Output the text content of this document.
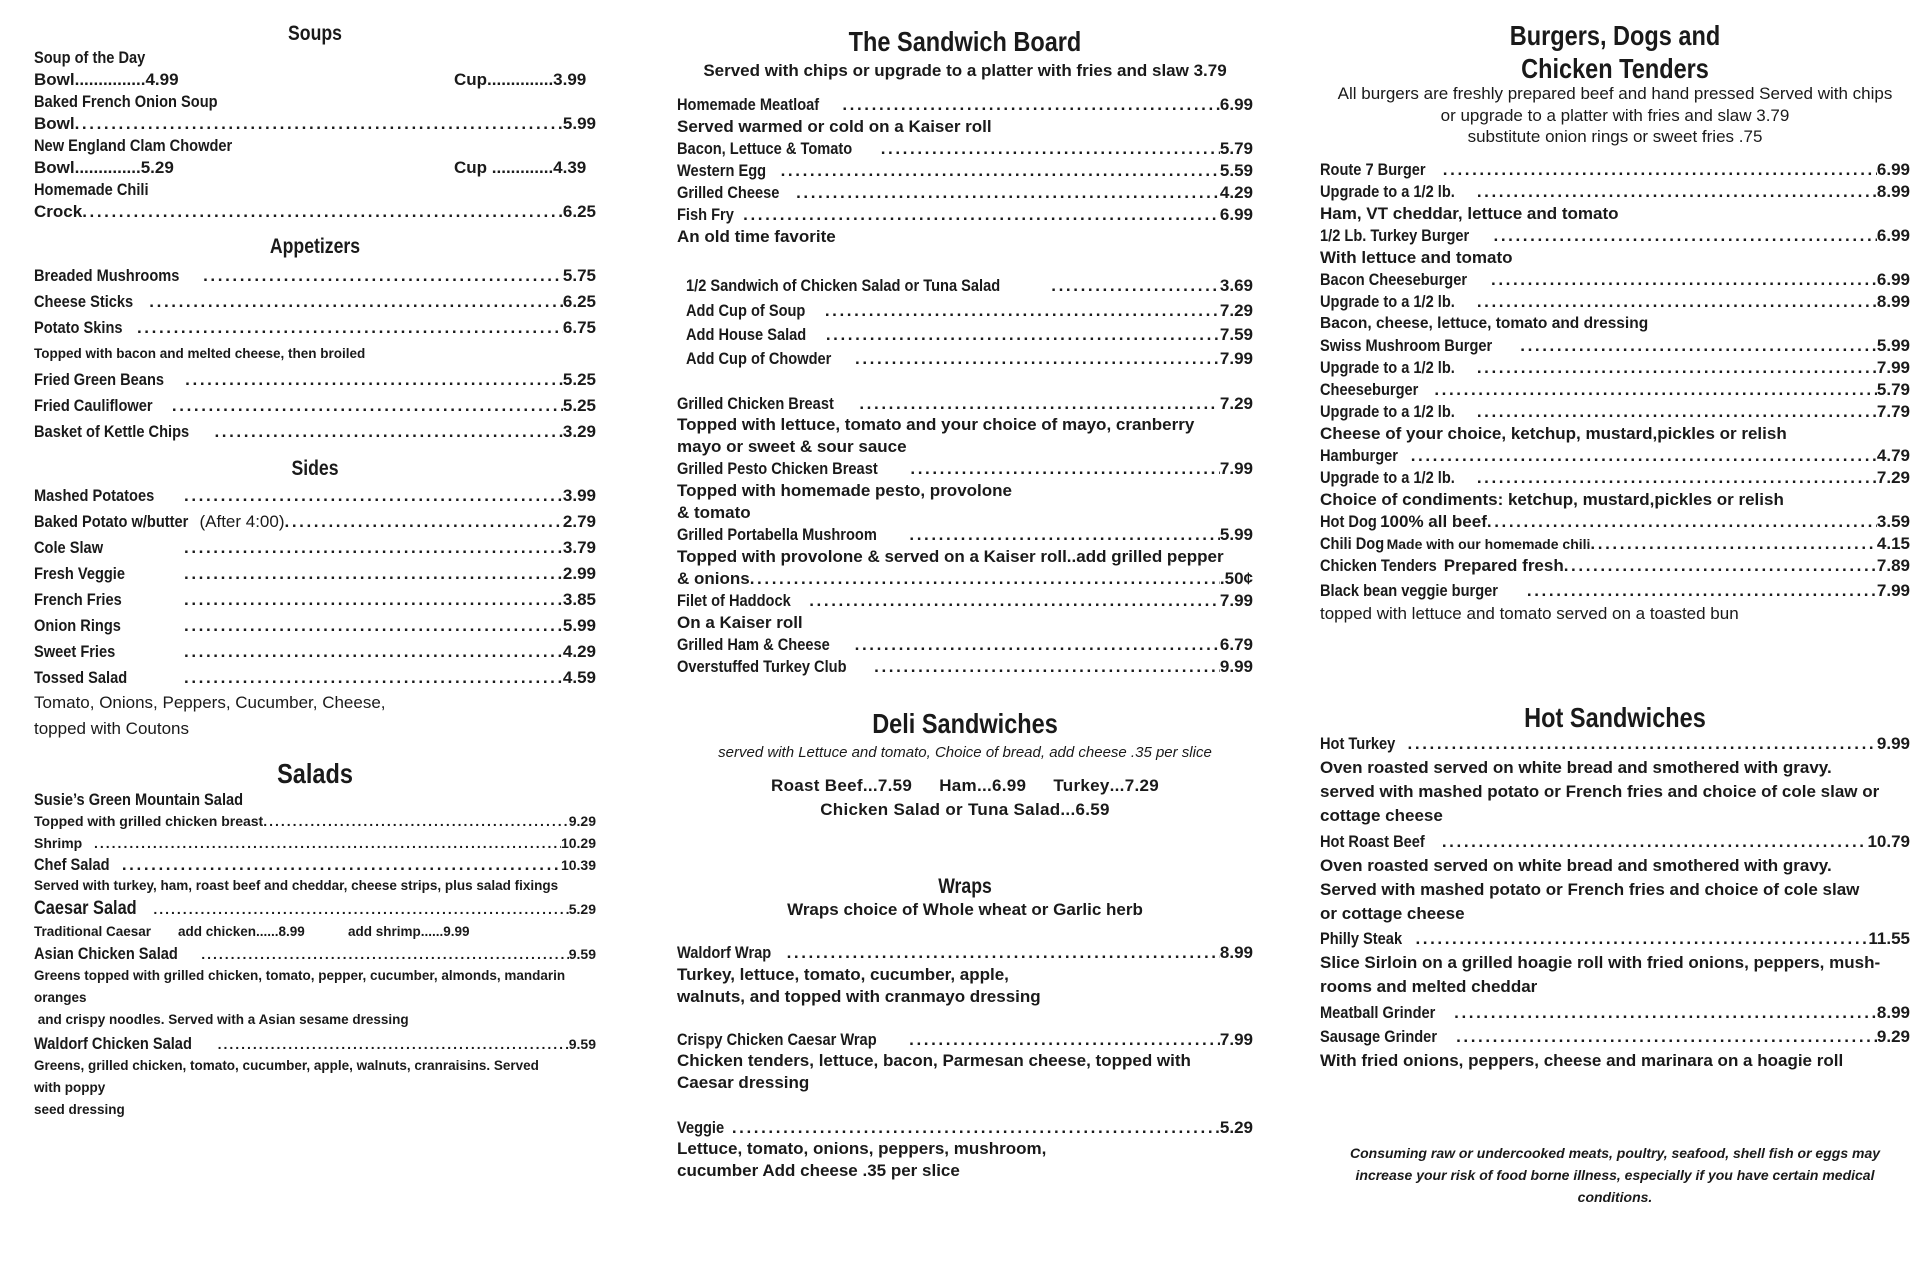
Soups
Soup of the Day
Bowl...............4.99	Cup..............3.99
Baked French Onion Soup
Bowl .....	5.99
New England Clam Chowder
Bowl..............5.29	Cup .............4.39
Homemade Chili
Crock .....	6.25
Appetizers
Breaded Mushrooms .....	5.75
Cheese Sticks .....	6.25
Potato Skins .....	6.75
Topped with bacon and melted cheese, then broiled
Fried Green Beans .....	5.25
Fried Cauliflower .....	5.25
Basket of Kettle Chips .....	3.29
Sides
Mashed Potatoes .....	3.99
Baked Potato w/butter (After 4:00) .....	2.79
Cole Slaw .....	3.79
Fresh Veggie .....	2.99
French Fries .....	3.85
Onion Rings .....	5.99
Sweet Fries .....	4.29
Tossed Salad .....	4.59
Tomato, Onions, Peppers, Cucumber, Cheese,
topped with Coutons
Salads
Susie’s Green Mountain Salad
Topped with grilled chicken breast .....	9.29
Shrimp .....	10.29
Chef Salad .....	10.39
Served with turkey, ham, roast beef and cheddar, cheese strips, plus salad fixings
Caesar Salad .....	5.29
Traditional Caesar add chicken......8.99	add shrimp......9.99
Asian Chicken Salad .....	9.59
Greens topped with grilled chicken, tomato, pepper, cucumber, almonds, mandarin
oranges
and crispy noodles. Served with a Asian sesame dressing
Waldorf Chicken Salad .....	9.59
Greens, grilled chicken, tomato, cucumber, apple, walnuts, cranraisins. Served
with poppy
seed dressing
The Sandwich Board
Served with chips or upgrade to a platter with fries and slaw 3.79
Homemade Meatloaf .....	6.99
Served warmed or cold on a Kaiser roll
Bacon, Lettuce & Tomato .....	5.79
Western Egg .....	5.59
Grilled Cheese .....	4.29
Fish Fry .....	6.99
An old time favorite
1/2 Sandwich of Chicken Salad or Tuna Salad .....	3.69
Add Cup of Soup .....	7.29
Add House Salad .....	7.59
Add Cup of Chowder .....	7.99
Grilled Chicken Breast .....	. 7.29
Topped with lettuce, tomato and your choice of mayo, cranberry
mayo or sweet & sour sauce
Grilled Pesto Chicken Breast .....	7.99
Topped with homemade pesto, provolone
& tomato
Grilled Portabella Mushroom .....	5.99
Topped with provolone & served on a Kaiser roll..add grilled pepper
& onions .....	.50¢
Filet of Haddock .....	7.99
On a Kaiser roll
Grilled Ham & Cheese .....	6.79
Overstuffed Turkey Club .....	9.99
Deli Sandwiches
served with Lettuce and tomato, Choice of bread, add cheese .35 per slice
Roast Beef...7.59 Ham...6.99 Turkey...7.29
Chicken Salad or Tuna Salad...6.59
Wraps
Wraps choice of Whole wheat or Garlic herb
Waldorf Wrap .....	8.99
Turkey, lettuce, tomato, cucumber, apple,
walnuts, and topped with cranmayo dressing
Crispy Chicken Caesar Wrap .....	7.99
Chicken tenders, lettuce, bacon, Parmesan cheese, topped with
Caesar dressing
Veggie .....	5.29
Lettuce, tomato, onions, peppers, mushroom,
cucumber Add cheese .35 per slice
Burgers, Dogs and
Chicken Tenders
All burgers are freshly prepared beef and hand pressed Served with chips
or upgrade to a platter with fries and slaw 3.79
substitute onion rings or sweet fries .75
Route 7 Burger .....	6.99
Upgrade to a 1/2 lb. .....	8.99
Ham, VT cheddar, lettuce and tomato
1/2 Lb. Turkey Burger .....	6.99
With lettuce and tomato
Bacon Cheeseburger .....	6.99
Upgrade to a 1/2 lb. .....	8.99
Bacon, cheese, lettuce, tomato and dressing
Swiss Mushroom Burger .....	5.99
Upgrade to a 1/2 lb. .....	7.99
Cheeseburger .....	5.79
Upgrade to a 1/2 lb. .....	7.79
Cheese of your choice, ketchup, mustard,pickles or relish
Hamburger .....	4.79
Upgrade to a 1/2 lb. .....	7.29
Choice of condiments: ketchup, mustard,pickles or relish
Hot Dog 100% all beef .....	3.59
Chili Dog Made with our homemade chili .....	4.15
Chicken Tenders Prepared fresh .....	7.89
Black bean veggie burger .....	7.99
topped with lettuce and tomato served on a toasted bun
Hot Sandwiches
Hot Turkey .....	9.99
Oven roasted served on white bread and smothered with gravy.
served with mashed potato or French fries and choice of cole slaw or
cottage cheese
Hot Roast Beef .....	10.79
Oven roasted served on white bread and smothered with gravy.
Served with mashed potato or French fries and choice of cole slaw
or cottage cheese
Philly Steak .....	11.55
Slice Sirloin on a grilled hoagie roll with fried onions, peppers, mush-
rooms and melted cheddar
Meatball Grinder .....	8.99
Sausage Grinder .....	9.29
With fried onions, peppers, cheese and marinara on a hoagie roll
Consuming raw or undercooked meats, poultry, seafood, shell fish or eggs may
increase your risk of food borne illness, especially if you have certain medical
conditions.
